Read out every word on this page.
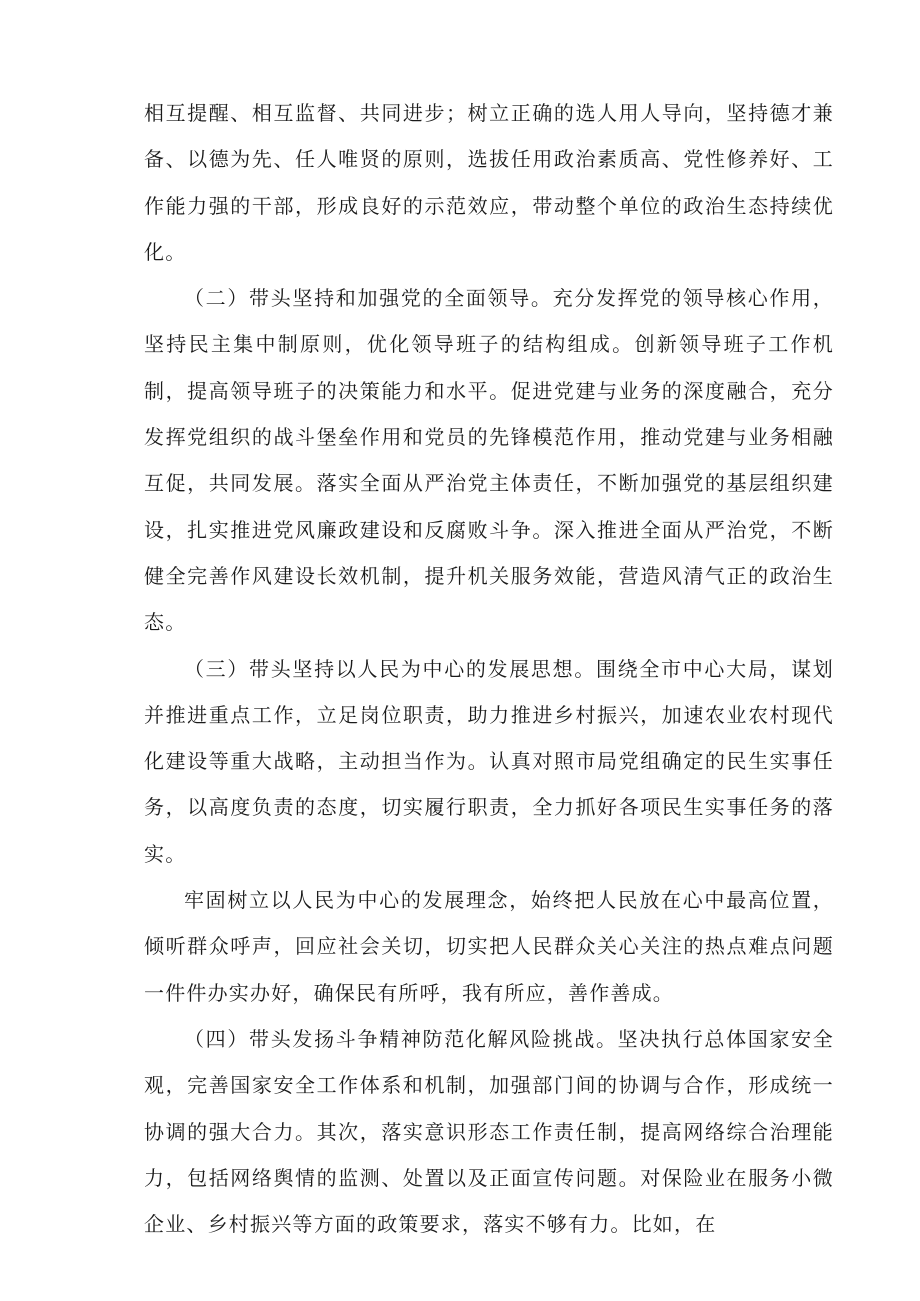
相互提醒、相互监督、共同进步；树立正确的选人用人导向，坚持德才兼备、以德为先、任人唯贤的原则，选拔任用政治素质高、党性修养好、工作能力强的干部，形成良好的示范效应，带动整个单位的政治生态持续优化。

（二）带头坚持和加强党的全面领导。充分发挥党的领导核心作用，坚持民主集中制原则，优化领导班子的结构组成。创新领导班子工作机制，提高领导班子的决策能力和水平。促进党建与业务的深度融合，充分发挥党组织的战斗堡垒作用和党员的先锋模范作用，推动党建与业务相融互促，共同发展。落实全面从严治党主体责任，不断加强党的基层组织建设，扎实推进党风廉政建设和反腐败斗争。深入推进全面从严治党，不断健全完善作风建设长效机制，提升机关服务效能，营造风清气正的政治生态。

（三）带头坚持以人民为中心的发展思想。围绕全市中心大局，谋划并推进重点工作，立足岗位职责，助力推进乡村振兴，加速农业农村现代化建设等重大战略，主动担当作为。认真对照市局党组确定的民生实事任务，以高度负责的态度，切实履行职责，全力抓好各项民生实事任务的落实。

牢固树立以人民为中心的发展理念，始终把人民放在心中最高位置，倾听群众呼声，回应社会关切，切实把人民群众关心关注的热点难点问题一件件办实办好，确保民有所呼，我有所应，善作善成。

（四）带头发扬斗争精神防范化解风险挑战。坚决执行总体国家安全观，完善国家安全工作体系和机制，加强部门间的协调与合作，形成统一协调的强大合力。其次，落实意识形态工作责任制，提高网络综合治理能力，包括网络舆情的监测、处置以及正面宣传问题。对保险业在服务小微企业、乡村振兴等方面的政策要求，落实不够有力。比如，在
